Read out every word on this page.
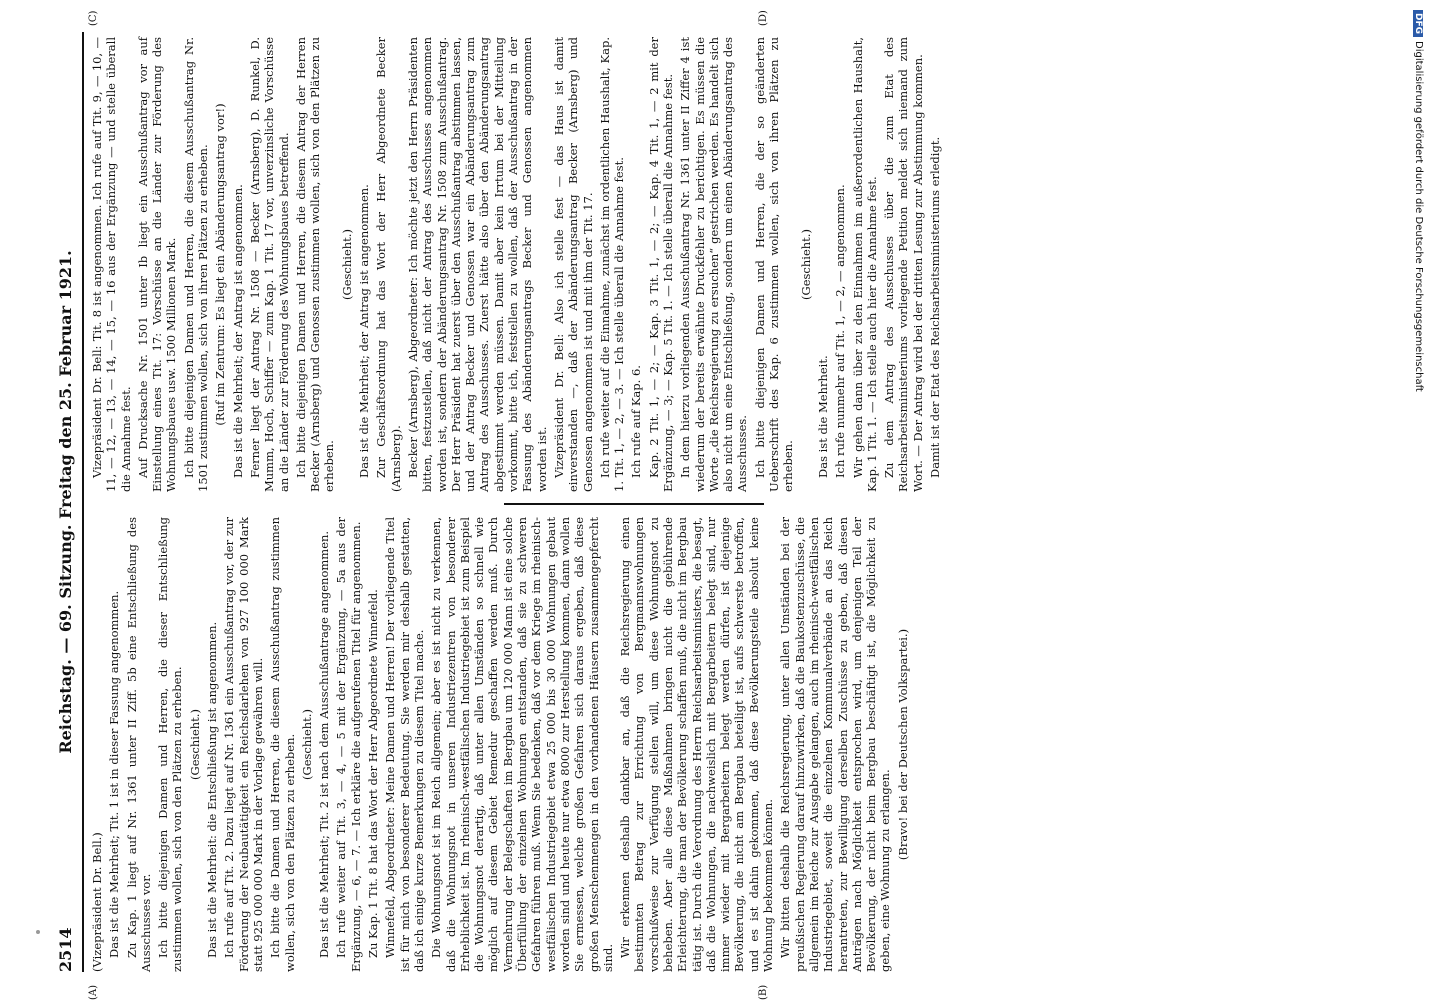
2514
Reichstag. — 69. Sitzung. Freitag den 25. Februar 1921.

(Vizepräsident Dr. Bell.) Das ist die Mehrheit; Tit. 1 ist in dieser Fassung angenommen. Zu Kap. 1 liegt auf Nr. 1361 unter II Ziff. 5b eine Entschließung des Ausschusses vor. Ich bitte diejenigen Damen und Herren, die dieser Entschließung zustimmen wollen, sich von den Plätzen zu erheben. (Geschieht.) Das ist die Mehrheit: die Entschließung ist angenommen. Ich rufe auf Tit. 2. Dazu liegt auf Nr. 1361 ein Ausschußantrag vor, der zur Förderung der Neubautätigkeit ein Reichsdarlehen von 927 100 000 Mark statt 925 000 000 Mark in der Vorlage gewähren will. Ich bitte die Damen und Herren, die diesem Ausschußantrag zustimmen wollen, sich von den Plätzen zu erheben. (Geschieht.) Das ist die Mehrheit; Tit. 2 ist nach dem Ausschußantrage angenommen. Ich rufe weiter auf Tit. 3, — 4, — 5 mit der Ergänzung, — 5a aus der Ergänzung, — 6, — 7. — Ich erkläre die aufgerufenen Titel für angenommen. Zu Kap. 1 Tit. 8 hat das Wort der Herr Abgeordnete Winnefeld. Winnefeld, Abgeordneter: Meine Damen und Herren! Der vorliegende Titel ist für mich von besonderer Bedeutung. Sie werden mir deshalb gestatten, daß ich einige kurze Bemerkungen zu diesem Titel mache. Die Wohnungsnot ist im Reich allgemein; aber es ist nicht zu verkennen, daß die Wohnungsnot in unseren Industriezentren von besonderer Erheblichkeit ist. Im rheinisch-westfälischen Industriegebiet ist zum Beispiel die Wohnungsnot derartig, daß unter allen Umständen so schnell wie möglich auf diesem Gebiet Remedur geschaffen werden muß. Durch Vermehrung der Belegschaften im Bergbau um 120 000 Mann ist eine solche Überfüllung der einzelnen Wohnungen entstanden, daß sie zu schweren Gefahren führen muß. Wenn Sie bedenken, daß vor dem Kriege im rheinisch-westfälischen Industriegebiet etwa 25 000 bis 30 000 Wohnungen gebaut worden sind und heute nur etwa 8000 zur Herstellung kommen, dann wollen Sie ermessen, welche großen Gefahren sich daraus ergeben, daß diese großen Menschenmengen in den vorhandenen Häusern zusammengepfercht sind. Wir erkennen deshalb dankbar an, daß die Reichsregierung einen bestimmten Betrag zur Errichtung von Bergmannswohnungen vorschußweise zur Verfügung stellen will, um diese Wohnungsnot zu beheben. Aber alle diese Maßnahmen bringen nicht die gebührende Erleichterung, die man der Bevölkerung schaffen muß, die nicht im Bergbau tätig ist. Durch die Verordnung des Herrn Reichsarbeitsministers, die besagt, daß die Wohnungen, die nachweislich mit Bergarbeitern belegt sind, nur immer wieder mit Bergarbeitern belegt werden dürfen, ist diejenige Bevölkerung, die nicht am Bergbau beteiligt ist, aufs schwerste betroffen, und es ist dahin gekommen, daß diese Bevölkerungsteile absolut keine Wohnung bekommen können. Wir bitten deshalb die Reichsregierung, unter allen Umständen bei der preußischen Regierung darauf hinzuwirken, daß die Baukostenzuschüsse, die allgemein im Reiche zur Ausgabe gelangen, auch im rheinisch-westfälischen Industriegebiet, soweit die einzelnen Kommunalverbände an das Reich herantreten, zur Bewilligung derselben Zuschüsse zu geben, daß diesen Anträgen nach Möglichkeit entsprochen wird, um denjenigen Teil der Bevölkerung, der nicht beim Bergbau beschäftigt ist, die Möglichkeit zu geben, eine Wohnung zu erlangen.

(Bravo! bei der Deutschen Volkspartei.)

Vizepräsident Dr. Bell: Tit. 8 ist angenommen. Ich rufe auf Tit. 9, — 10, — 11, — 12, — 13, — 14, — 15, — 16 aus der Ergänzung — und stelle überall die Annahme fest. Auf Drucksache Nr. 1501 unter Ib liegt ein Ausschußantrag vor auf Einstellung eines Tit. 17: Vorschüsse an die Länder zur Förderung des Wohnungsbaues usw. 1500 Millionen Mark. Ich bitte diejenigen Damen und Herren, die diesem Ausschußantrag Nr. 1501 zustimmen wollen, sich von ihren Plätzen zu erheben. (Ruf im Zentrum: Es liegt ein Abänderungsantrag vor!) Das ist die Mehrheit; der Antrag ist angenommen. Ferner liegt der Antrag Nr. 1508 — Becker (Arnsberg), D. Runkel, D. Mumm, Hoch, Schiffer — zum Kap. 1 Tit. 17 vor, unverzinsliche Vorschüsse an die Länder zur Förderung des Wohnungsbaues betreffend. Ich bitte diejenigen Damen und Herren, die diesem Antrag der Herren Becker (Arnsberg) und Genossen zustimmen wollen, sich von den Plätzen zu erheben.

(Geschieht.) Das ist die Mehrheit; der Antrag ist angenommen. Zur Geschäftsordnung hat das Wort der Herr Abgeordnete Becker (Arnsberg). Becker (Arnsberg), Abgeordneter: Ich möchte jetzt den Herrn Präsidenten bitten, festzustellen, daß nicht der Antrag des Ausschusses angenommen worden ist, sondern der Abänderungsantrag Nr. 1508 zum Ausschußantrag. Der Herr Präsident hat zuerst über den Ausschußantrag abstimmen lassen, und der Antrag Becker und Genossen war ein Abänderungsantrag zum Antrag des Ausschusses. Zuerst hätte also über den Abänderungsantrag abgestimmt werden müssen. Damit aber kein Irrtum bei der Mitteilung vorkommt, bitte ich, feststellen zu wollen, daß der Ausschußantrag in der Fassung des Abänderungsantrags Becker und Genossen angenommen worden ist. Vizepräsident Dr. Bell: Also ich stelle fest — das Haus ist damit einverstanden —, daß der Abänderungsantrag Becker (Arnsberg) und Genossen angenommen ist und mit ihm der Tit. 17. Ich rufe weiter auf die Einnahme, zunächst im ordentlichen Haushalt, Kap. 1. Tit. 1, — 2, — 3. — Ich stelle überall die Annahme fest. Ich rufe auf Kap. 6. Kap. 2 Tit. 1, — 2; — Kap. 3 Tit. 1, — 2; — Kap. 4 Tit. 1, — 2 mit der Ergänzung, — 3; — Kap. 5 Tit. 1. — Ich stelle überall die Annahme fest. In dem hierzu vorliegenden Ausschußantrag Nr. 1361 unter II Ziffer 4 ist wiederum der bereits erwähnte Druckfehler zu berichtigen. Es müssen die Worte „die Reichsregierung zu ersuchen“ gestrichen werden. Es handelt sich also nicht um eine Entschließung, sondern um einen Abänderungsantrag des Ausschusses. Ich bitte diejenigen Damen und Herren, die der so geänderten Ueberschrift des Kap. 6 zustimmen wollen, sich von ihren Plätzen zu erheben.

(Geschieht.)

Das ist die Mehrheit. Ich rufe nunmehr auf Tit. 1, — 2, — angenommen. Wir gehen dann über zu den Einnahmen im außerordentlichen Haushalt, Kap. 1 Tit. 1. — Ich stelle auch hier die Annahme fest. Zu dem Antrag des Ausschusses über die zum Etat des Reichsarbeitsministeriums vorliegende Petition meldet sich niemand zum Wort. — Der Antrag wird bei der dritten Lesung zur Abstimmung kommen. Damit ist der Etat des Reichsarbeitsministeriums erledigt.

(A)	(B)
(C)	(D)	DFGDigitalisierung gefördert durch die Deutsche Forschungsgemeinschaft
